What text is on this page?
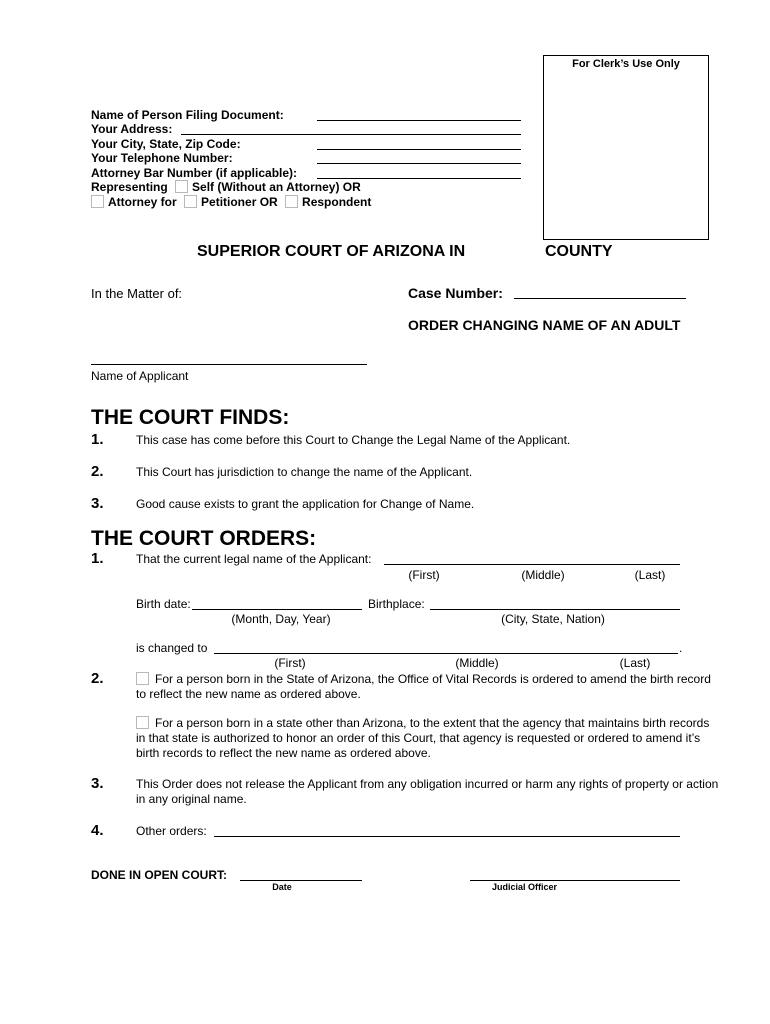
For Clerk’s Use Only
Name of Person Filing Document:
Your Address:
Your City, State, Zip Code:
Your Telephone Number:
Attorney Bar Number (if applicable):
Representing Self (Without an Attorney) OR
Attorney for Petitioner OR Respondent
SUPERIOR COURT OF ARIZONA IN	COUNTY
In the Matter of:	Case Number:
ORDER CHANGING NAME OF AN ADULT
Name of Applicant
THE COURT FINDS:
1.	This case has come before this Court to Change the Legal Name of the Applicant.
2.	This Court has jurisdiction to change the name of the Applicant.
3.	Good cause exists to grant the application for Change of Name.
THE COURT ORDERS:
1.	That the current legal name of the Applicant:
(First)	(Middle)	(Last)
Birth date:	Birthplace:
(Month, Day, Year)	(City, State, Nation)
is changed to	.
(First)	(Middle)	(Last)
2.	For a person born in the State of Arizona, the Office of Vital Records is ordered to amend the birth record to reflect the new name as ordered above.
For a person born in a state other than Arizona, to the extent that the agency that maintains birth records in that state is authorized to honor an order of this Court, that agency is requested or ordered to amend it’s birth records to reflect the new name as ordered above.
3.	This Order does not release the Applicant from any obligation incurred or harm any rights of property or action in any original name.
4.	Other orders:
DONE IN OPEN COURT:
Date	Judicial Officer
